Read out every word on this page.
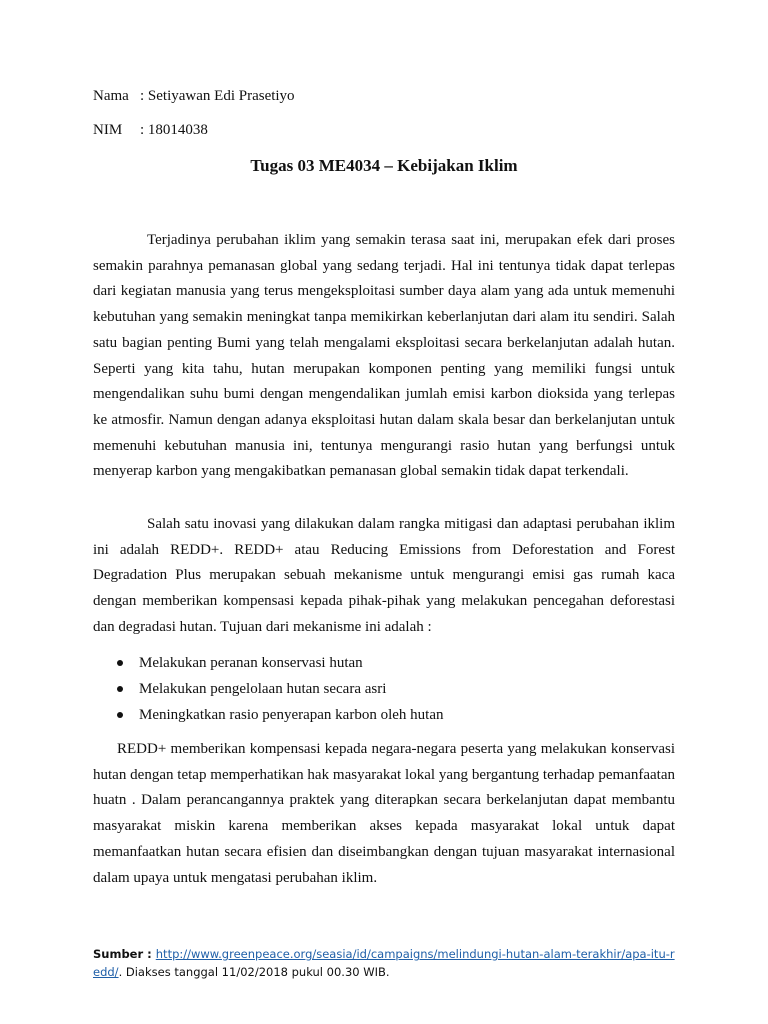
Nama : Setiyawan Edi Prasetiyo
NIM : 18014038
Tugas 03 ME4034 – Kebijakan Iklim

Terjadinya perubahan iklim yang semakin terasa saat ini, merupakan efek dari proses semakin parahnya pemanasan global yang sedang terjadi. Hal ini tentunya tidak dapat terlepas dari kegiatan manusia yang terus mengeksploitasi sumber daya alam yang ada untuk memenuhi kebutuhan yang semakin meningkat tanpa memikirkan keberlanjutan dari alam itu sendiri. Salah satu bagian penting Bumi yang telah mengalami eksploitasi secara berkelanjutan adalah hutan. Seperti yang kita tahu, hutan merupakan komponen penting yang memiliki fungsi untuk mengendalikan suhu bumi dengan mengendalikan jumlah emisi karbon dioksida yang terlepas ke atmosfir. Namun dengan adanya eksploitasi hutan dalam skala besar dan berkelanjutan untuk memenuhi kebutuhan manusia ini, tentunya mengurangi rasio hutan yang berfungsi untuk menyerap karbon yang mengakibatkan pemanasan global semakin tidak dapat terkendali.

Salah satu inovasi yang dilakukan dalam rangka mitigasi dan adaptasi perubahan iklim ini adalah REDD+. REDD+ atau Reducing Emissions from Deforestation and Forest Degradation Plus merupakan sebuah mekanisme untuk mengurangi emisi gas rumah kaca dengan memberikan kompensasi kepada pihak-pihak yang melakukan pencegahan deforestasi dan degradasi hutan. Tujuan dari mekanisme ini adalah :

Melakukan peranan konservasi hutan
Melakukan pengelolaan hutan secara asri
Meningkatkan rasio penyerapan karbon oleh hutan

REDD+ memberikan kompensasi kepada negara-negara peserta yang melakukan konservasi hutan dengan tetap memperhatikan hak masyarakat lokal yang bergantung terhadap pemanfaatan huatn . Dalam perancangannya praktek yang diterapkan secara berkelanjutan dapat membantu masyarakat miskin karena memberikan akses kepada masyarakat lokal untuk dapat memanfaatkan hutan secara efisien dan diseimbangkan dengan tujuan masyarakat internasional dalam upaya untuk mengatasi perubahan iklim.

Sumber : http://www.greenpeace.org/seasia/id/campaigns/melindungi-hutan-alam-terakhir/apa-itu-redd/. Diakses tanggal 11/02/2018 pukul 00.30 WIB.
